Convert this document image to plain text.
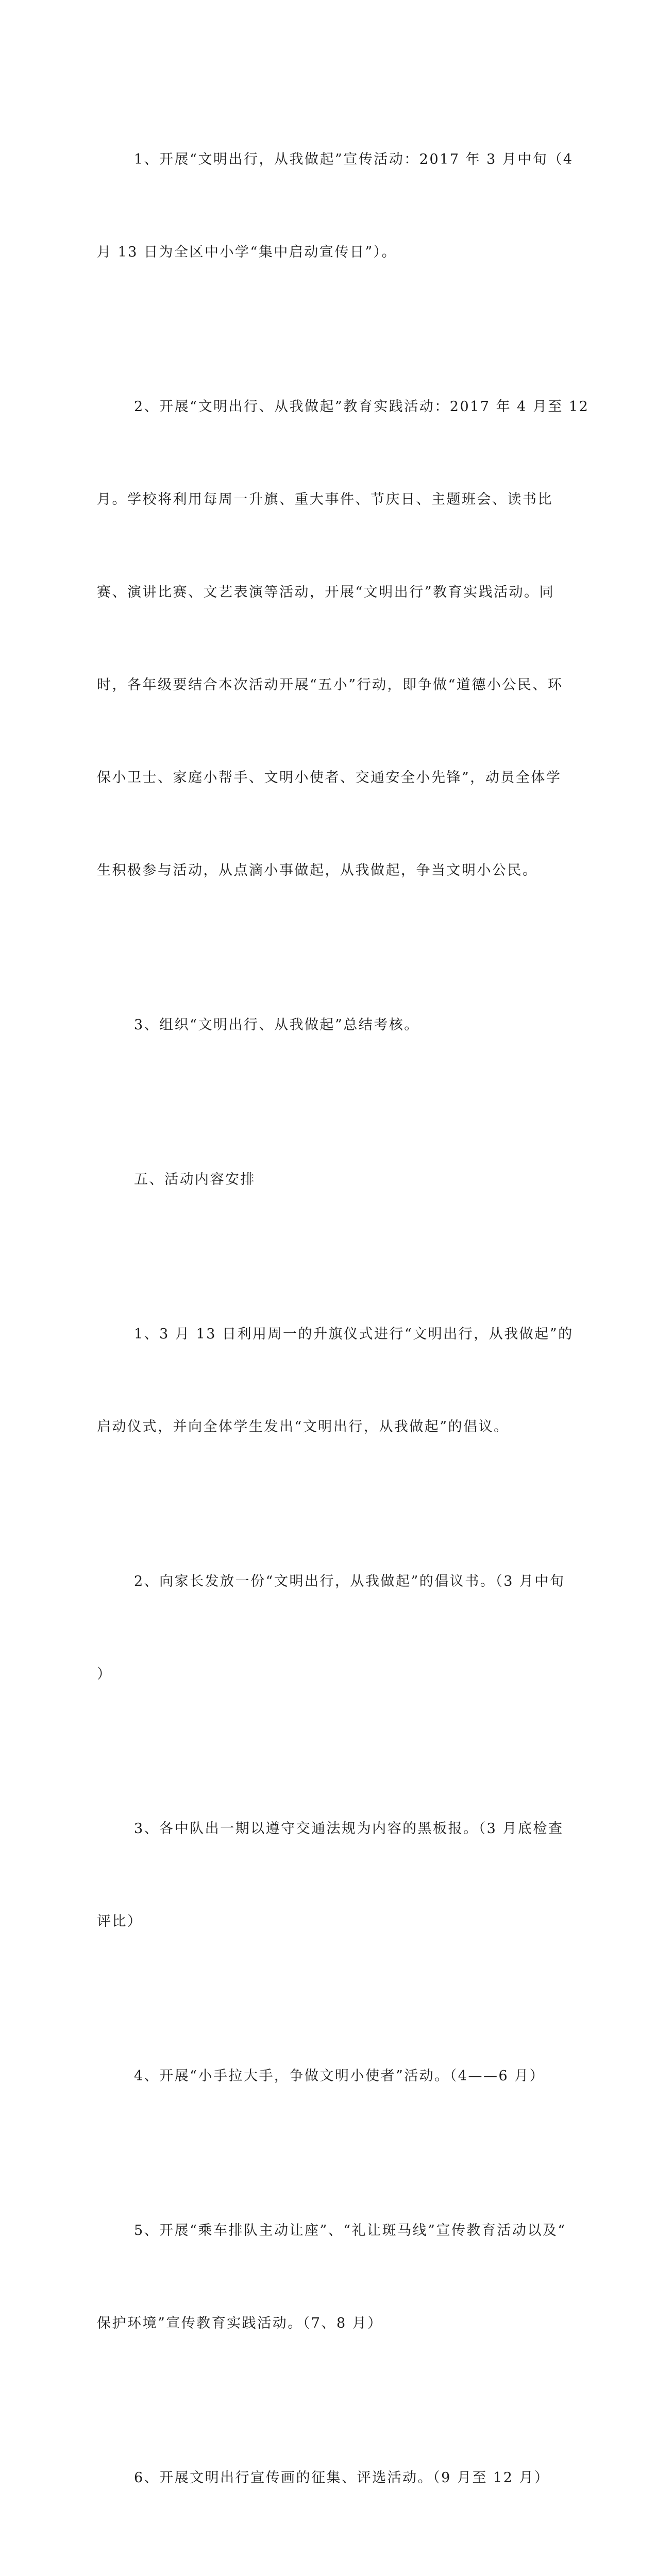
1、开展“文明出行，从我做起”宣传活动：2017 年 3 月中旬（4

月 13 日为全区中小学“集中启动宣传日”）。

2、开展“文明出行、从我做起”教育实践活动：2017 年 4 月至 12

月。学校将利用每周一升旗、重大事件、节庆日、主题班会、读书比

赛、演讲比赛、文艺表演等活动，开展“文明出行”教育实践活动。同

时，各年级要结合本次活动开展“五小”行动，即争做“道德小公民、环

保小卫士、家庭小帮手、文明小使者、交通安全小先锋”，动员全体学

生积极参与活动，从点滴小事做起，从我做起，争当文明小公民。

3、组织“文明出行、从我做起”总结考核。

五、活动内容安排

1、3 月 13 日利用周一的升旗仪式进行“文明出行，从我做起”的

启动仪式，并向全体学生发出“文明出行，从我做起”的倡议。

2、向家长发放一份“文明出行，从我做起”的倡议书。（3 月中旬

）

3、各中队出一期以遵守交通法规为内容的黑板报。（3 月底检查

评比）

4、开展“小手拉大手，争做文明小使者”活动。（4——6 月）

5、开展“乘车排队主动让座”、“礼让斑马线”宣传教育活动以及“

保护环境”宣传教育实践活动。（7、8 月）

6、开展文明出行宣传画的征集、评选活动。（9 月至 12 月）
